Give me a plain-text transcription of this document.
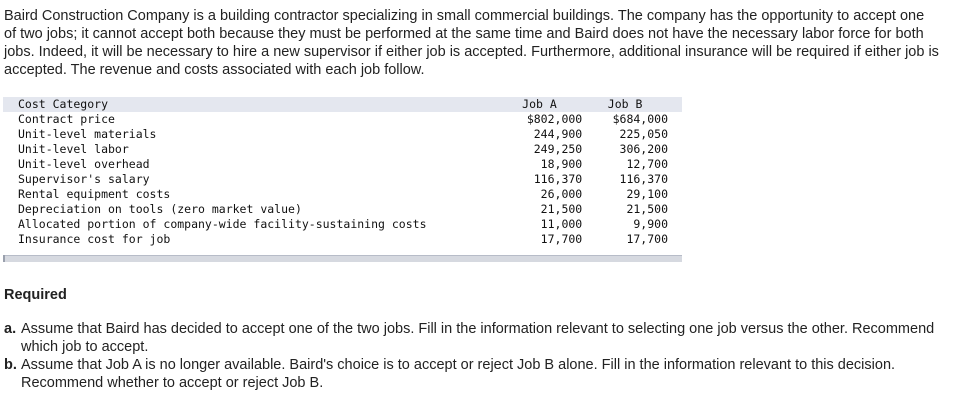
Baird Construction Company is a building contractor specializing in small commercial buildings. The company has the opportunity to accept one of two jobs; it cannot accept both because they must be performed at the same time and Baird does not have the necessary labor force for both jobs. Indeed, it will be necessary to hire a new supervisor if either job is accepted. Furthermore, additional insurance will be required if either job is accepted. The revenue and costs associated with each job follow.

Cost Category	Job A	Job B
Contract price	$802,000	$684,000
Unit-level materials	244,900	225,050
Unit-level labor	249,250	306,200
Unit-level overhead	18,900	12,700
Supervisor's salary	116,370	116,370
Rental equipment costs	26,000	29,100
Depreciation on tools (zero market value)	21,500	21,500
Allocated portion of company-wide facility-sustaining costs	11,000	9,900
Insurance cost for job	17,700	17,700
Required
a. Assume that Baird has decided to accept one of the two jobs. Fill in the information relevant to selecting one job versus the other. Recommend which job to accept.
b. Assume that Job A is no longer available. Baird's choice is to accept or reject Job B alone. Fill in the information relevant to this decision. Recommend whether to accept or reject Job B.
